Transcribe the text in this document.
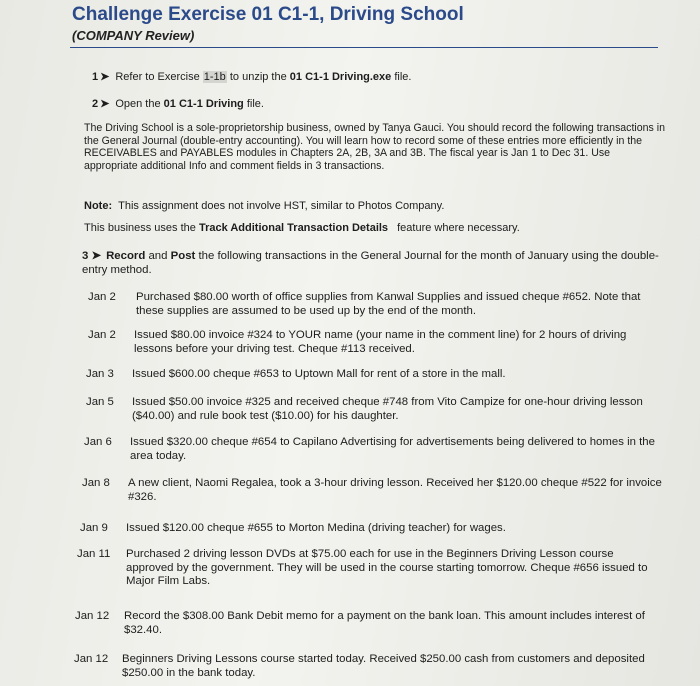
Challenge Exercise 01 C1-1, Driving School
(COMPANY Review)
1 ➤ Refer to Exercise 1-1b to unzip the 01 C1-1 Driving.exe file.
2 ➤ Open the 01 C1-1 Driving file.
The Driving School is a sole-proprietorship business, owned by Tanya Gauci. You should record the following transactions in the General Journal (double-entry accounting). You will learn how to record some of these entries more efficiently in the RECEIVABLES and PAYABLES modules in Chapters 2A, 2B, 3A and 3B. The fiscal year is Jan 1 to Dec 31. Use appropriate additional Info and comment fields in 3 transactions.
Note: This assignment does not involve HST, similar to Photos Company.
This business uses the Track Additional Transaction Details feature where necessary.
3 ➤ Record and Post the following transactions in the General Journal for the month of January using the double-entry method.
Jan 2 Purchased $80.00 worth of office supplies from Kanwal Supplies and issued cheque #652. Note that these supplies are assumed to be used up by the end of the month.
Jan 2 Issued $80.00 invoice #324 to YOUR name (your name in the comment line) for 2 hours of driving lessons before your driving test. Cheque #113 received.
Jan 3 Issued $600.00 cheque #653 to Uptown Mall for rent of a store in the mall.
Jan 5 Issued $50.00 invoice #325 and received cheque #748 from Vito Campize for one-hour driving lesson ($40.00) and rule book test ($10.00) for his daughter.
Jan 6 Issued $320.00 cheque #654 to Capilano Advertising for advertisements being delivered to homes in the area today.
Jan 8 A new client, Naomi Regalea, took a 3-hour driving lesson. Received her $120.00 cheque #522 for invoice #326.
Jan 9 Issued $120.00 cheque #655 to Morton Medina (driving teacher) for wages.
Jan 11 Purchased 2 driving lesson DVDs at $75.00 each for use in the Beginners Driving Lesson course approved by the government. They will be used in the course starting tomorrow. Cheque #656 issued to Major Film Labs.
Jan 12 Record the $308.00 Bank Debit memo for a payment on the bank loan. This amount includes interest of $32.40.
Jan 12 Beginners Driving Lessons course started today. Received $250.00 cash from customers and deposited $250.00 in the bank today.
